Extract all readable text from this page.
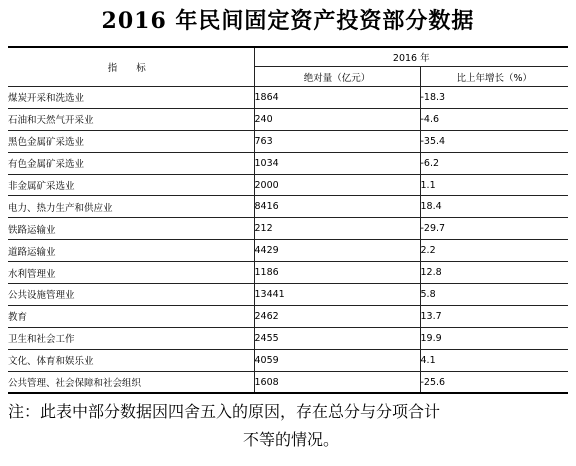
2016 年民间固定资产投资部分数据
指 标	2016 年	
	绝对量（亿元）	比上年增长（%）
煤炭开采和洗选业	1864	-18.3
石油和天然气开采业	240	-4.6
黑色金属矿采选业	763	-35.4
有色金属矿采选业	1034	-6.2
非金属矿采选业	2000	1.1
电力、热力生产和供应业	8416	18.4
铁路运输业	212	-29.7
道路运输业	4429	2.2
水利管理业	1186	12.8
公共设施管理业	13441	5.8
教育	2462	13.7
卫生和社会工作	2455	19.9
文化、体育和娱乐业	4059	4.1
公共管理、社会保障和社会组织	1608	-25.6
注：此表中部分数据因四舍五入的原因，存在总分与分项合计
不等的情况。
